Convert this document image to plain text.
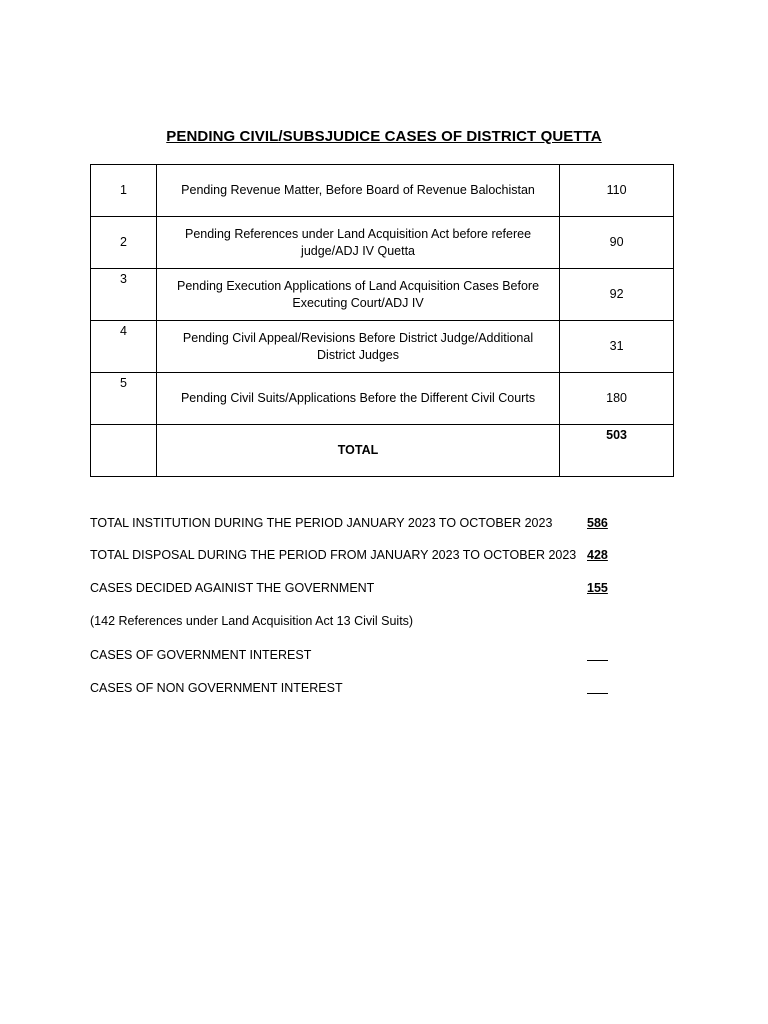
PENDING CIVIL/SUBSJUDICE CASES OF DISTRICT QUETTA
1	Pending Revenue Matter, Before Board of Revenue Balochistan	110
2	Pending References under Land Acquisition Act before referee judge/ADJ IV Quetta	90
3	Pending Execution Applications of Land Acquisition Cases Before Executing Court/ADJ IV	92
4	Pending Civil Appeal/Revisions Before District Judge/Additional District Judges	31
5	Pending Civil Suits/Applications Before the Different Civil Courts	180
	TOTAL	503
TOTAL INSTITUTION DURING THE PERIOD JANUARY 2023 TO OCTOBER 2023	586
TOTAL DISPOSAL DURING THE PERIOD FROM JANUARY 2023 TO OCTOBER 2023 428
CASES DECIDED AGAINIST THE GOVERNMENT	155
(142 References under Land Acquisition Act 13 Civil Suits)
CASES OF GOVERNMENT INTEREST
CASES OF NON GOVERNMENT INTEREST
